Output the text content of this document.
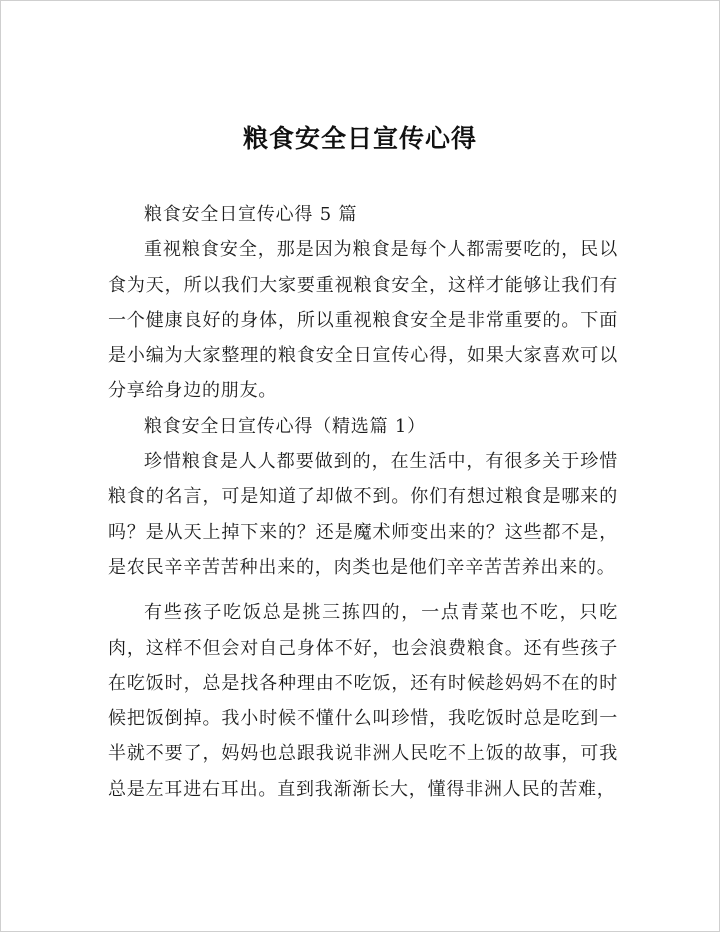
粮食安全日宣传心得

粮食安全日宣传心得 5 篇

重视粮食安全，那是因为粮食是每个人都需要吃的，民以食为天，所以我们大家要重视粮食安全，这样才能够让我们有一个健康良好的身体，所以重视粮食安全是非常重要的。下面是小编为大家整理的粮食安全日宣传心得，如果大家喜欢可以分享给身边的朋友。

粮食安全日宣传心得（精选篇 1）

珍惜粮食是人人都要做到的，在生活中，有很多关于珍惜粮食的名言，可是知道了却做不到。你们有想过粮食是哪来的吗？是从天上掉下来的？还是魔术师变出来的？这些都不是，是农民辛辛苦苦种出来的，肉类也是他们辛辛苦苦养出来的。

有些孩子吃饭总是挑三拣四的，一点青菜也不吃，只吃肉，这样不但会对自己身体不好，也会浪费粮食。还有些孩子在吃饭时，总是找各种理由不吃饭，还有时候趁妈妈不在的时候把饭倒掉。我小时候不懂什么叫珍惜，我吃饭时总是吃到一半就不要了，妈妈也总跟我说非洲人民吃不上饭的故事，可我总是左耳进右耳出。直到我渐渐长大，懂得非洲人民的苦难，
